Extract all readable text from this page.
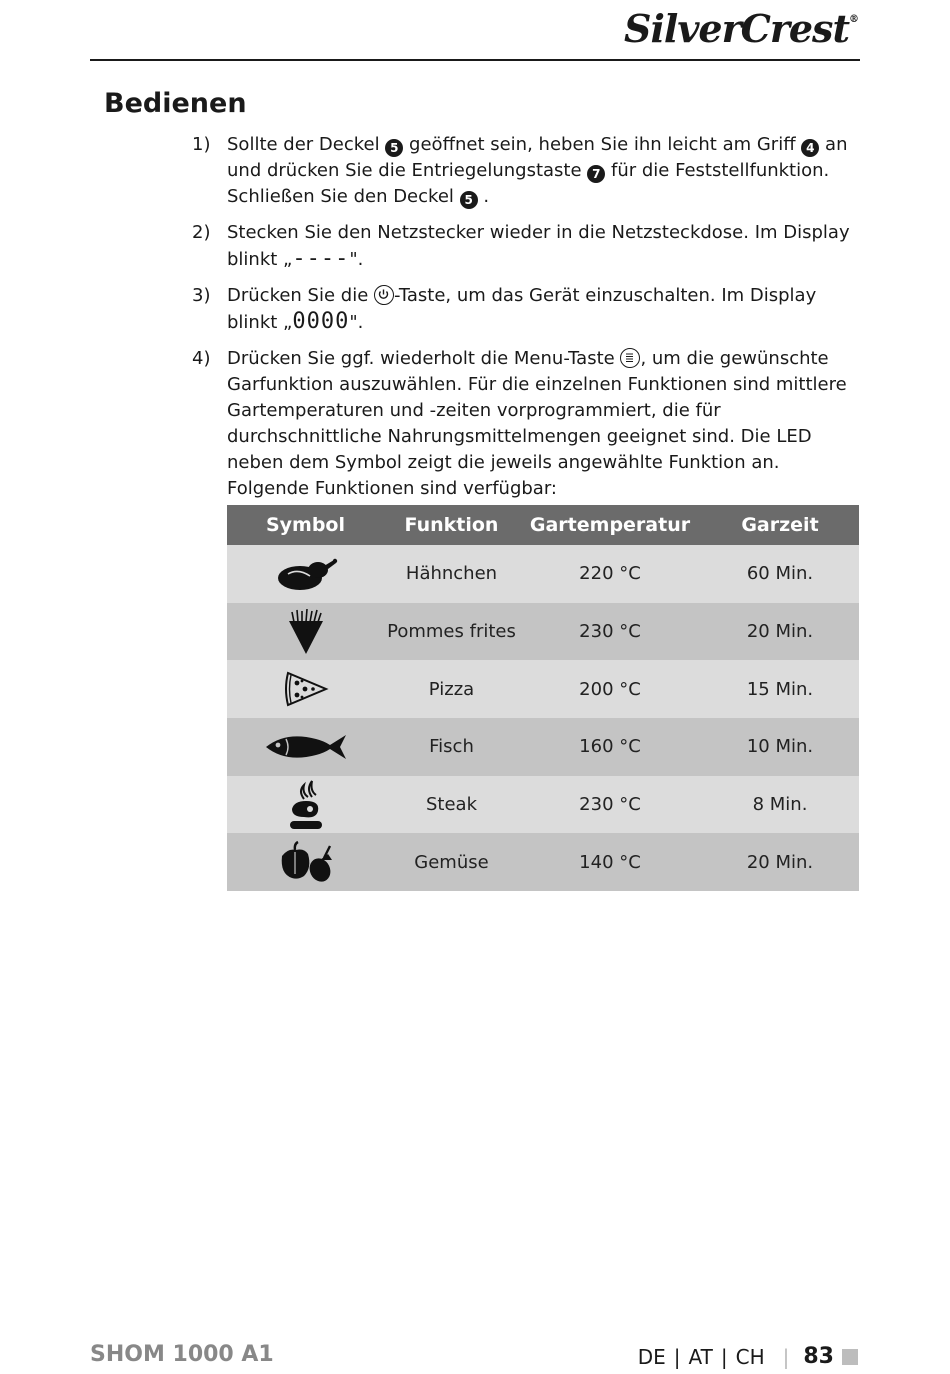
SilverCrest®
Bedienen
1) Sollte der Deckel 5 geöffnet sein, heben Sie ihn leicht am Griff 4 an und drücken Sie die Entriegelungstaste 7 für die Feststellfunktion. Schließen Sie den Deckel 5 .
2) Stecken Sie den Netzstecker wieder in die Netzsteckdose. Im Display blinkt „----".
3) Drücken Sie die
-Taste, um das Gerät einzuschalten. Im Display blinkt „0000".
4) Drücken Sie ggf. wiederholt die Menu-Taste
, um die gewünschte Garfunktion auszuwählen. Für die einzelnen Funktionen sind mittlere Gartemperaturen und -zeiten vorprogrammiert, die für durchschnittliche Nahrungsmittelmengen geeignet sind. Die LED neben dem Symbol zeigt die jeweils angewählte Funktion an.
Folgende Funktionen sind verfügbar:
Symbol	Funktion	Gartemperatur	Garzeit

	Hähnchen	220 °C	60 Min.

	Pommes frites	230 °C	20 Min.

	Pizza	200 °C	15 Min.

	Fisch	160 °C	10 Min.

	Steak	230 °C	8 Min.

	Gemüse	140 °C	20 Min.
SHOM 1000 A1	DE | AT | CH | 83
